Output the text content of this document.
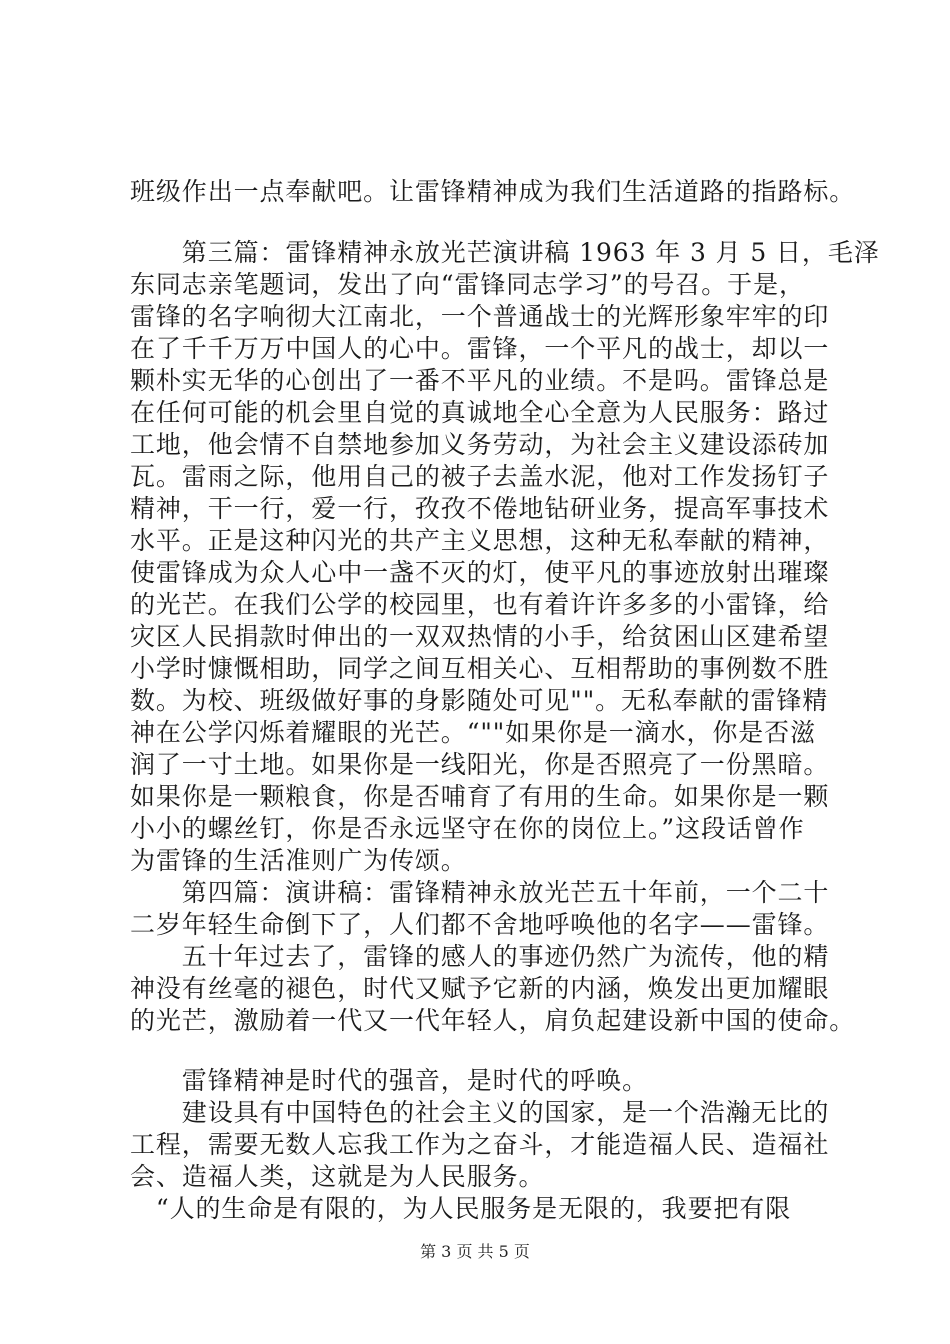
班级作出一点奉献吧。让雷锋精神成为我们生活道路的指路标。

　　第三篇：雷锋精神永放光芒演讲稿 1963 年 3 月 5 日，毛泽

东同志亲笔题词，发出了向“雷锋同志学习”的号召。于是，

雷锋的名字响彻大江南北，一个普通战士的光辉形象牢牢的印

在了千千万万中国人的心中。雷锋，一个平凡的战士，却以一

颗朴实无华的心创出了一番不平凡的业绩。不是吗。雷锋总是

在任何可能的机会里自觉的真诚地全心全意为人民服务：路过

工地，他会情不自禁地参加义务劳动，为社会主义建设添砖加

瓦。雷雨之际，他用自己的被子去盖水泥，他对工作发扬钉子

精神，干一行，爱一行，孜孜不倦地钻研业务，提高军事技术

水平。正是这种闪光的共产主义思想，这种无私奉献的精神，

使雷锋成为众人心中一盏不灭的灯，使平凡的事迹放射出璀璨

的光芒。在我们公学的校园里，也有着许许多多的小雷锋，给

灾区人民捐款时伸出的一双双热情的小手，给贫困山区建希望

小学时慷慨相助，同学之间互相关心、互相帮助的事例数不胜

数。为校、班级做好事的身影随处可见""。无私奉献的雷锋精

神在公学闪烁着耀眼的光芒。“""如果你是一滴水，你是否滋

润了一寸土地。如果你是一线阳光，你是否照亮了一份黑暗。

如果你是一颗粮食，你是否哺育了有用的生命。如果你是一颗

小小的螺丝钉，你是否永远坚守在你的岗位上。”这段话曾作

为雷锋的生活准则广为传颂。

　　第四篇：演讲稿：雷锋精神永放光芒五十年前，一个二十

二岁年轻生命倒下了，人们都不舍地呼唤他的名字——雷锋。

　　五十年过去了，雷锋的感人的事迹仍然广为流传，他的精

神没有丝毫的褪色，时代又赋予它新的内涵，焕发出更加耀眼

的光芒，激励着一代又一代年轻人，肩负起建设新中国的使命。

　　雷锋精神是时代的强音，是时代的呼唤。

　　建设具有中国特色的社会主义的国家，是一个浩瀚无比的

工程，需要无数人忘我工作为之奋斗，才能造福人民、造福社

会、造福人类，这就是为人民服务。

　“人的生命是有限的，为人民服务是无限的，我要把有限

第 3 页 共 5 页
